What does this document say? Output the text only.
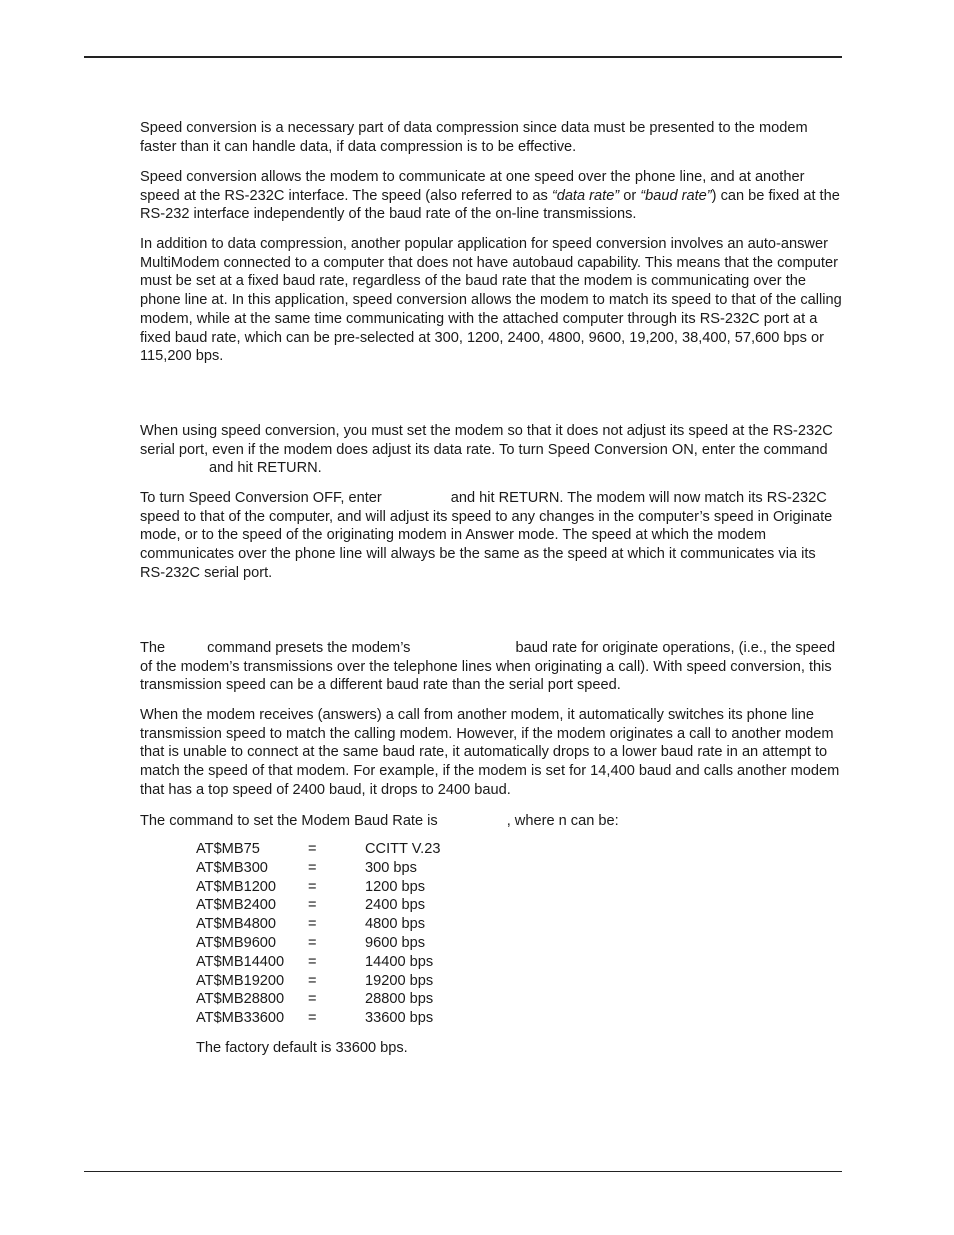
Speed conversion is a necessary part of data compression since data must be presented to the modem faster than it can handle data, if data compression is to be effective.

Speed conversion allows the modem to communicate at one speed over the phone line, and at another speed at the RS-232C interface. The speed (also referred to as “data rate” or “baud rate”) can be fixed at the RS-232 interface independently of the baud rate of the on-line transmissions.

In addition to data compression, another popular application for speed conversion involves an auto-answer MultiModem connected to a computer that does not have autobaud capability. This means that the computer must be set at a fixed baud rate, regardless of the baud rate that the modem is communicating over the phone line at. In this application, speed conversion allows the modem to match its speed to that of the calling modem, while at the same time communicating with the attached computer through its RS-232C port at a fixed baud rate, which can be pre-selected at 300, 1200, 2400, 4800, 9600, 19,200, 38,400, 57,600 bps or 115,200 bps.

When using speed conversion, you must set the modem so that it does not adjust its speed at the RS-232C serial port, even if the modem does adjust its data rate. To turn Speed Conversion ON, enter the commandand hit RETURN.

To turn Speed Conversion OFF, enter	and hit RETURN. The modem will now match its RS-232C speed to that of the computer, and will adjust its speed to any changes in the computer’s speed in Originate mode, or to the speed of the originating modem in Answer mode. The speed at which the modem communicates over the phone line will always be the same as the speed at which it communicates via its RS-232C serial port.

The	command presets the modem’s	baud rate for originate operations, (i.e., the speed of the modem’s transmissions over the telephone lines when originating a call). With speed conversion, this transmission speed can be a different baud rate than the serial port speed.

When the modem receives (answers) a call from another modem, it automatically switches its phone line transmission speed to match the calling modem. However, if the modem originates a call to another modem that is unable to connect at the same baud rate, it automatically drops to a lower baud rate in an attempt to match the speed of that modem. For example, if the modem is set for 14,400 baud and calls another modem that has a top speed of 2400 baud, it drops to 2400 baud.

The command to set the Modem Baud Rate is	, where n can be:

AT$MB75	=	CCITT V.23
AT$MB300	=	300 bps
AT$MB1200 =	1200 bps
AT$MB2400 =	2400 bps
AT$MB4800 =	4800 bps
AT$MB9600 =	9600 bps
AT$MB14400 =	14400 bps
AT$MB19200 =	19200 bps
AT$MB28800 =	28800 bps
AT$MB33600 =	33600 bps
The factory default is 33600 bps.
